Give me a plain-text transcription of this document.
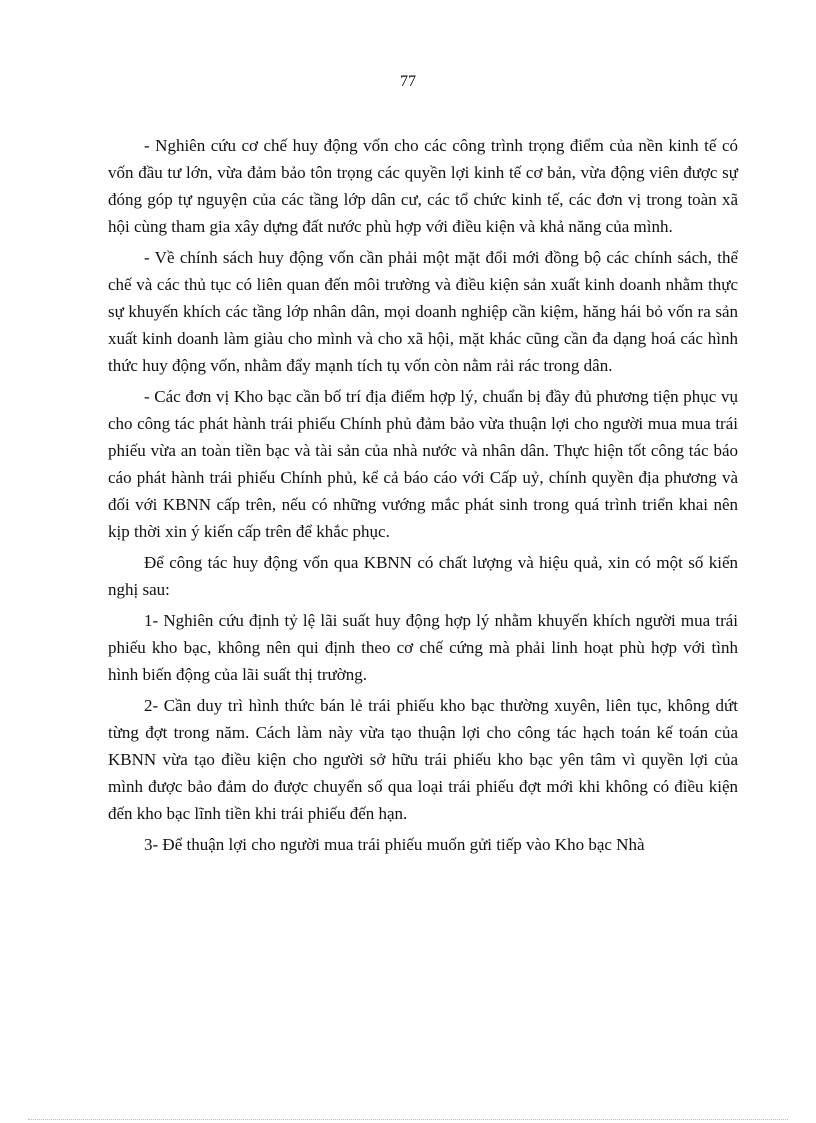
77

- Nghiên cứu cơ chế huy động vốn cho các công trình trọng điểm của nền kinh tế có vốn đầu tư lớn, vừa đảm bảo tôn trọng các quyền lợi kinh tế cơ bản, vừa động viên được sự đóng góp tự nguyện của các tầng lớp dân cư, các tổ chức kinh tế, các đơn vị trong toàn xã hội cùng tham gia xây dựng đất nước phù hợp với điều kiện và khả năng của mình.

- Về chính sách huy động vốn cần phải một mặt đổi mới đồng bộ các chính sách, thể chế và các thủ tục có liên quan đến môi trường và điều kiện sản xuất kinh doanh nhằm thực sự khuyến khích các tầng lớp nhân dân, mọi doanh nghiệp cần kiệm, hăng hái bỏ vốn ra sản xuất kinh doanh làm giàu cho mình và cho xã hội, mặt khác cũng cần đa dạng hoá các hình thức huy động vốn, nhằm đẩy mạnh tích tụ vốn còn nằm rải rác trong dân.

- Các đơn vị Kho bạc cần bố trí địa điểm hợp lý, chuẩn bị đầy đủ phương tiện phục vụ cho công tác phát hành trái phiếu Chính phủ đảm bảo vừa thuận lợi cho người mua mua trái phiếu vừa an toàn tiền bạc và tài sản của nhà nước và nhân dân. Thực hiện tốt công tác báo cáo phát hành trái phiếu Chính phủ, kể cả báo cáo với Cấp uỷ, chính quyền địa phương và đối với KBNN cấp trên, nếu có những vướng mắc phát sinh trong quá trình triển khai nên kịp thời xin ý kiến cấp trên để khắc phục.

Để công tác huy động vốn qua KBNN có chất lượng và hiệu quả, xin có một số kiến nghị sau:

1- Nghiên cứu định tỷ lệ lãi suất huy động hợp lý nhằm khuyến khích người mua trái phiếu kho bạc, không nên qui định theo cơ chế cứng mà phải linh hoạt phù hợp với tình hình biến động của lãi suất thị trường.

2- Cần duy trì hình thức bán lẻ trái phiếu kho bạc thường xuyên, liên tục, không dứt từng đợt trong năm. Cách làm này vừa tạo thuận lợi cho công tác hạch toán kế toán của KBNN vừa tạo điều kiện cho người sở hữu trái phiếu kho bạc yên tâm vì quyền lợi của mình được bảo đảm do được chuyển số qua loại trái phiếu đợt mới khi không có điều kiện đến kho bạc lĩnh tiền khi trái phiếu đến hạn.

3- Để thuận lợi cho người mua trái phiếu muốn gửi tiếp vào Kho bạc Nhà
